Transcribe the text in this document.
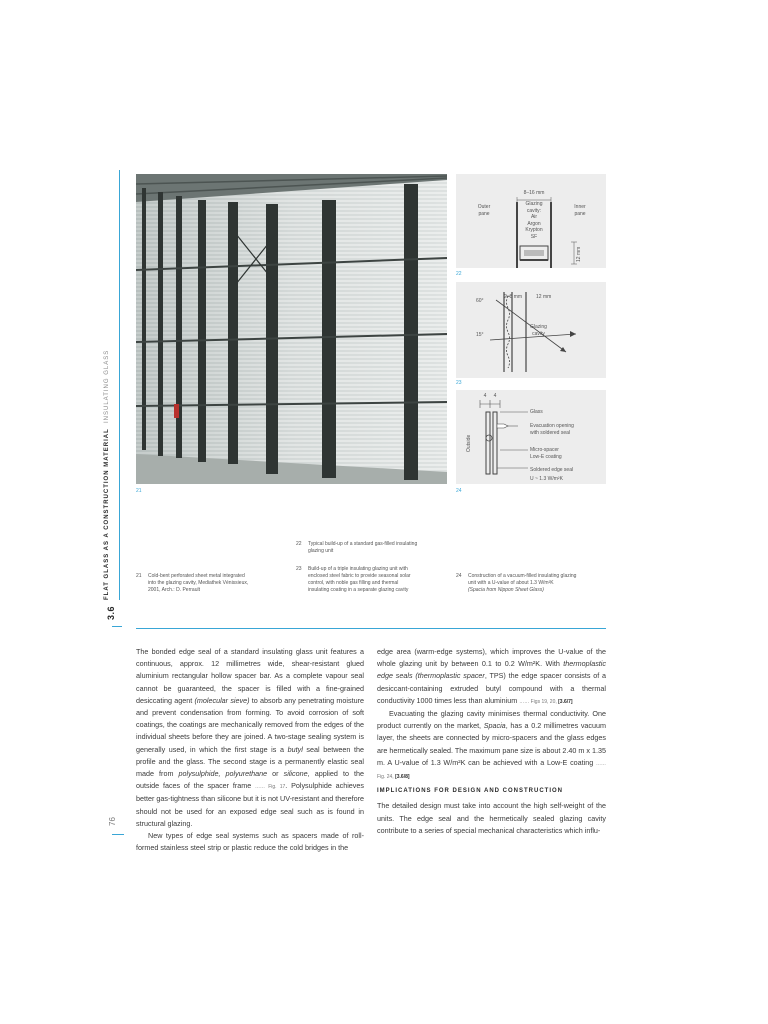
FLAT GLASS AS A CONSTRUCTION MATERIAL
INSULATING GLASS
3.6
76
21
8–16 mm
Outer
pane
Glazing
cavity:
Air
Argon
Krypton
SF
Inner
pane
12 mm
22
60°
15°
2–8 mm	12 mm
Glazing
cavity
23
4	4
Outside
Glass
Evacuation opening
with soldered seal
Micro-spacer
Low-E coating
Soldered edge seal
U ~ 1.3 W/m²K
24
22 Typical build-up of a standard gas-filled insulating
glazing unit
23 Build-up of a triple insulating glazing unit with
enclosed steel fabric to provide seasonal solar
control, with noble gas filling and thermal
insulating coating in a separate glazing cavity
21 Cold-bent perforated sheet metal integrated
into the glazing cavity, Mediathek Vénissieux,
2001, Arch.: D. Perrault
24 Construction of a vacuum-filled insulating glazing
unit with a U-value of about 1.3 W/m²K
(Spacia from Nippon Sheet Glass)

The bonded edge seal of a standard insulating glass unit features a continuous, approx. 12 millimetres wide, shear-resistant glued aluminium rectangular hollow spacer bar. As a complete vapour seal cannot be guaranteed, the spacer is filled with a fine-grained desiccating agent (molecular sieve) to absorb any penetrating moisture and prevent condensation from forming. To avoid corrosion of soft coatings, the coatings are mechanically removed from the edges of the individual sheets before they are joined. A two-stage sealing system is generally used, in which the first stage is a butyl seal between the profile and the glass. The second stage is a permanently elastic seal made from polysulphide, polyurethane or silicone, applied to the outside faces of the spacer frame …… Fig. 17. Polysulphide achieves better gas-tightness than silicone but it is not UV-resistant and therefore should not be used for an exposed edge seal such as is found in structural glazing.

New types of edge seal systems such as spacers made of roll-formed stainless steel strip or plastic reduce the cold bridges in the

edge area (warm-edge systems), which improves the U-value of the whole glazing unit by between 0.1 to 0.2 W/m²K. With thermoplastic edge seals (thermoplastic spacer, TPS) the edge spacer consists of a desiccant-containing extruded butyl compound with a thermal conductivity 1000 times less than aluminium …… Figs 19, 20, [3.6/7]

Evacuating the glazing cavity minimises thermal conductivity. One product currently on the market, Spacia, has a 0.2 millimetres vacuum layer, the sheets are connected by micro-spacers and the glass edges are hermetically sealed. The maximum pane size is about 2.40 m x 1.35 m. A U-value of 1.3 W/m²K can be achieved with a Low-E coating …… Fig. 24, [3.6/8]

IMPLICATIONS FOR DESIGN AND CONSTRUCTION

The detailed design must take into account the high self-weight of the units. The edge seal and the hermetically sealed glazing cavity contribute to a series of special mechanical characteristics which influ-
